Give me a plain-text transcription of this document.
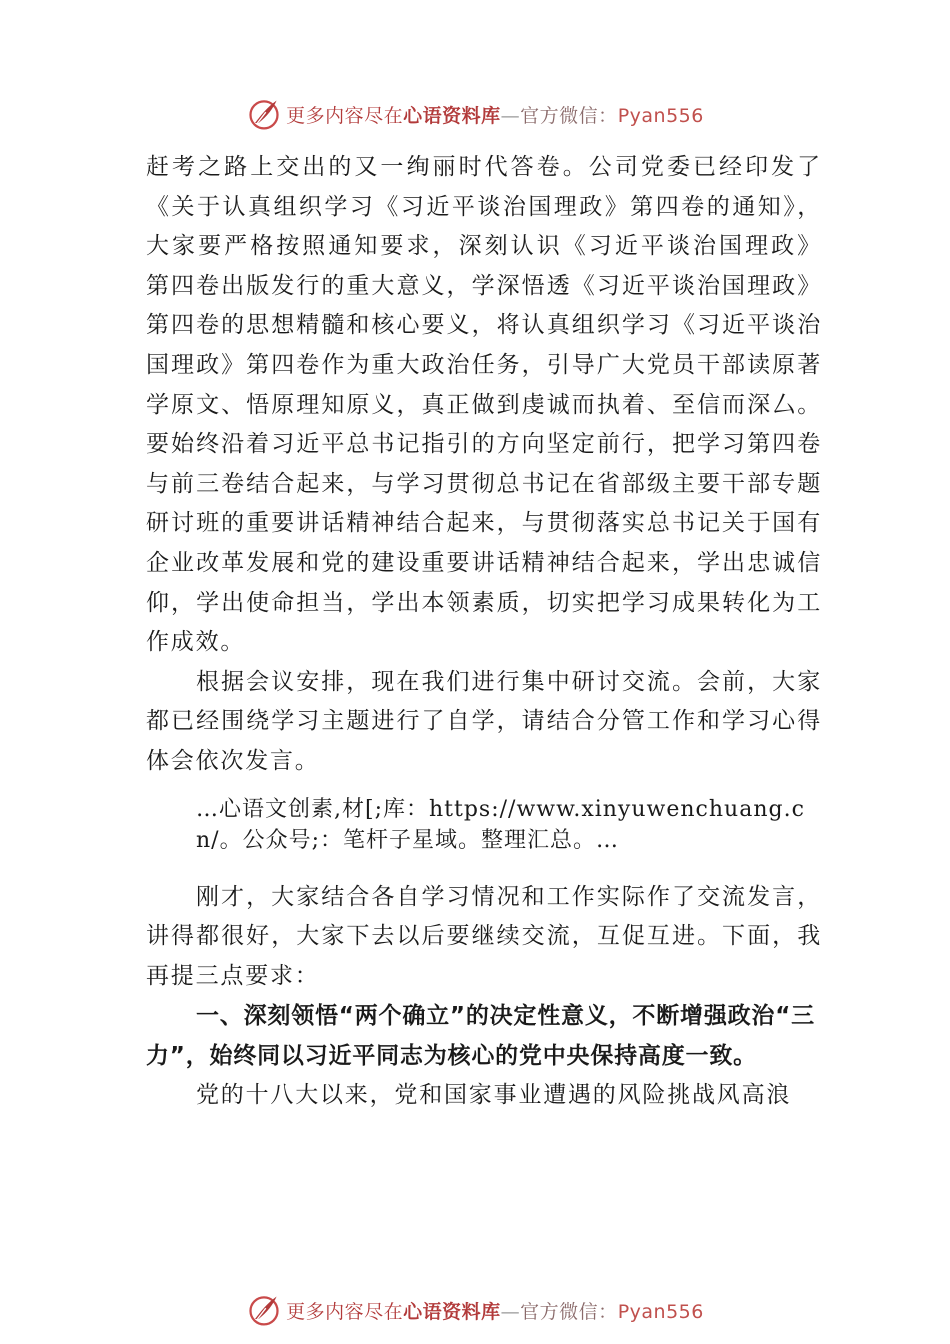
更多内容尽在心语资料库—官方微信：Pyan556

赶考之路上交出的又一绚丽时代答卷。公司党委已经印发了《关于认真组织学习《习近平谈治国理政》第四卷的通知》，大家要严格按照通知要求，深刻认识《习近平谈治国理政》 第四卷出版发行的重大意义，学深悟透《习近平谈治国理政》第四卷的思想精髓和核心要义，将认真组织学习《习近平谈治国理政》第四卷作为重大政治任务，引导广大党员干部读原著学原文、悟原理知原义，真正做到虔诚而执着、至信而深厶。要始终沿着习近平总书记指引的方向坚定前行，把学习第四卷与前三卷结合起来，与学习贯彻总书记在省部级主要干部专题研讨班的重要讲话精神结合起来，与贯彻落实总书记关于国有企业改革发展和党的建设重要讲话精神结合起来，学出忠诚信仰，学出使命担当，学出本领素质，切实把学习成果转化为工作成效。

根据会议安排，现在我们进行集中研讨交流。会前，大家都已经围绕学习主题进行了自学，请结合分管工作和学习心得体会依次发言。

…心语文创素,材[;库：https://www.xinyuwenchuang.cn/。公众号;：笔杆子星域。整理汇总。…

刚才，大家结合各自学习情况和工作实际作了交流发言，讲得都很好，大家下去以后要继续交流，互促互进。下面，我再提三点要求：

一、深刻领悟“两个确立”的决定性意义，不断增强政治“三力”，始终同以习近平同志为核心的党中央保持高度一致。

党的十八大以来，党和国家事业遭遇的风险挑战风高浪

更多内容尽在心语资料库—官方微信：Pyan556
